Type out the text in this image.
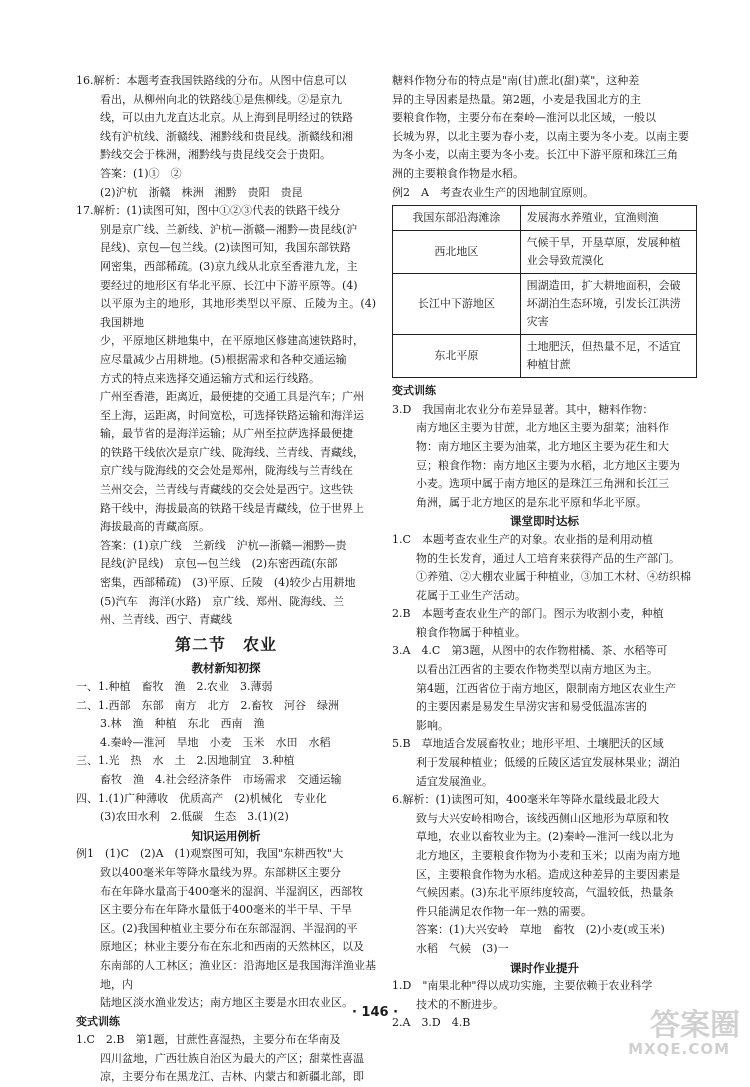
16.解析：本题考查我国铁路线的分布。从图中信息可以

看出，从柳州向北的铁路线①是焦柳线。②是京九

线，可以由九龙直达北京。从上海到昆明经过的铁路

线有沪杭线、浙赣线、湘黔线和贵昆线。浙赣线和湘

黔线交会于株洲，湘黔线与贵昆线交会于贵阳。

答案：(1)①　②

(2)沪杭　浙赣　株洲　湘黔　贵阳　贵昆

17.解析：(1)读图可知，图中①②③代表的铁路干线分

别是京广线、兰新线、沪杭—浙赣—湘黔—贵昆线(沪

昆线)、京包—包兰线。(2)读图可知，我国东部铁路

网密集，西部稀疏。(3)京九线从北京至香港九龙，主

要经过的地形区有华北平原、长江中下游平原等。(4)

以平原为主的地形，其地形类型以平原、丘陵为主。(4)我国耕地

少，平原地区耕地集中，在平原地区修建高速铁路时，

应尽量减少占用耕地。(5)根据需求和各种交通运输

方式的特点来选择交通运输方式和运行线路。

广州至香港，距离近，最便捷的交通工具是汽车；广州

至上海，运距离，时间宽松，可选择铁路运输和海洋运

输，最节省的是海洋运输；从广州至拉萨选择最便捷

的铁路干线依次是京广线、陇海线、兰青线、青藏线，

京广线与陇海线的交会处是郑州，陇海线与兰青线在

兰州交会，兰青线与青藏线的交会处是西宁。这些铁

路干线中，海拔最高的铁路干线是青藏线，位于世界上

海拔最高的青藏高原。

答案：(1)京广线　兰新线　沪杭—浙赣—湘黔—贵

昆线(沪昆线)　京包—包兰线　(2)东密西疏(东部

密集，西部稀疏)　(3)平原、丘陵　(4)较少占用耕地

(5)汽车　海洋(水路)　京广线、郑州、陇海线、兰

州、兰青线、西宁、青藏线

第二节　农业
教材新知初探

一、1.种植　畜牧　渔　2.农业　3.薄弱

二、1.西部　东部　南方　北方　2.畜牧　河谷　绿洲

3.林　渔　种植　东北　西南　渔

4.秦岭—淮河　旱地　小麦　玉米　水田　水稻

三、1.光　热　水　土　2.因地制宜　3.种植

畜牧　渔　4.社会经济条件　市场需求　交通运输

四、1.(1)广种薄收　优质高产　(2)机械化　专业化

(3)农田水利　2.低碳　生态　3.(1)(2)

知识运用例析

例1　(1)C　(2)A　(1)观察图可知，我国"东耕西牧"大

致以400毫米年等降水量线为界。东部耕区主要分

布在年降水量高于400毫米的湿润、半湿润区，西部牧

区主要分布在年降水量低于400毫米的半干旱、干旱

区。(2)我国种植业主要分布在东部湿润、半湿润的平

原地区；林业主要分布在东北和西南的天然林区，以及

东南部的人工林区；渔业区：沿海地区是我国海洋渔业基地，内

陆地区淡水渔业发达；南方地区主要是水田农业区。

变式训练

1.C　2.B　第1题，甘蔗性喜湿热，主要分布在华南及

四川盆地，广西壮族自治区为最大的产区；甜菜性喜温

凉，主要分布在黑龙江、吉林、内蒙古和新疆北部，即

糖料作物分布的特点是"南(甘)蔗北(甜)菜"，这种差

异的主导因素是热量。第2题，小麦是我国北方的主

要粮食作物，主要分布在秦岭—淮河以北区域，一般以

长城为界，以北主要为春小麦，以南主要为冬小麦。以南主要

为冬小麦，以南主要为冬小麦。长江中下游平原和珠江三角

洲的主要粮食作物是水稻。

例2　A　考查农业生产的因地制宜原则。

我国东部沿海滩涂	发展海水养殖业，宜渔则渔
西北地区	气候干旱，开垦草原，发展种植业会导致荒漠化
长江中下游地区	围湖造田，扩大耕地面积，会破坏湖泊生态环境，引发长江洪涝灾害
东北平原	土地肥沃，但热量不足，不适宜种植甘蔗

变式训练

3.D　我国南北农业分布差异显著。其中，糖料作物：

南方地区主要为甘蔗，北方地区主要为甜菜；油料作

物：南方地区主要为油菜，北方地区主要为花生和大

豆；粮食作物：南方地区主要为水稻，北方地区主要为

小麦。选项中属于南方地区的是珠江三角洲和长江三

角洲，属于北方地区的是东北平原和华北平原。

课堂即时达标

1.C　本题考查农业生产的对象。农业指的是利用动植

物的生长发育，通过人工培育来获得产品的生产部门。

①养殖、②大棚农业属于种植业，③加工木材、④纺织棉

花属于工业生产活动。

2.B　本题考查农业生产的部门。图示为收割小麦，种植

粮食作物属于种植业。

3.A　4.C　第3题，从图中的农作物柑橘、茶、水稻等可

以看出江西省的主要农作物类型以南方地区为主。

第4题，江西省位于南方地区，限制南方地区农业生产

的主要因素是易发生旱涝灾害和易受低温冻害的

影响。

5.B　草地适合发展畜牧业；地形平坦、土壤肥沃的区域

利于发展种植业；低缓的丘陵区适宜发展林果业；湖泊

适宜发展渔业。

6.解析：(1)读图可知，400毫米年等降水量线最北段大

致与大兴安岭相吻合，该线西侧山区地形为草原和牧

草地，农业以畜牧业为主。(2)秦岭—淮河一线以北为

北方地区，主要粮食作物为小麦和玉米；以南为南方地

区，主要粮食作物为水稻。造成这种差异的主要因素是

气候因素。(3)东北平原纬度较高，气温较低，热量条

件只能满足农作物一年一熟的需要。

答案：(1)大兴安岭　草地　畜牧　(2)小麦(或玉米)

水稻　气候　(3)一

课时作业提升

1.D　"南果北种"得以成功实施，主要依赖于农业科学

技术的不断进步。

2.A　3.D　4.B

· 146 ·	答案圈
MXQE.COM
